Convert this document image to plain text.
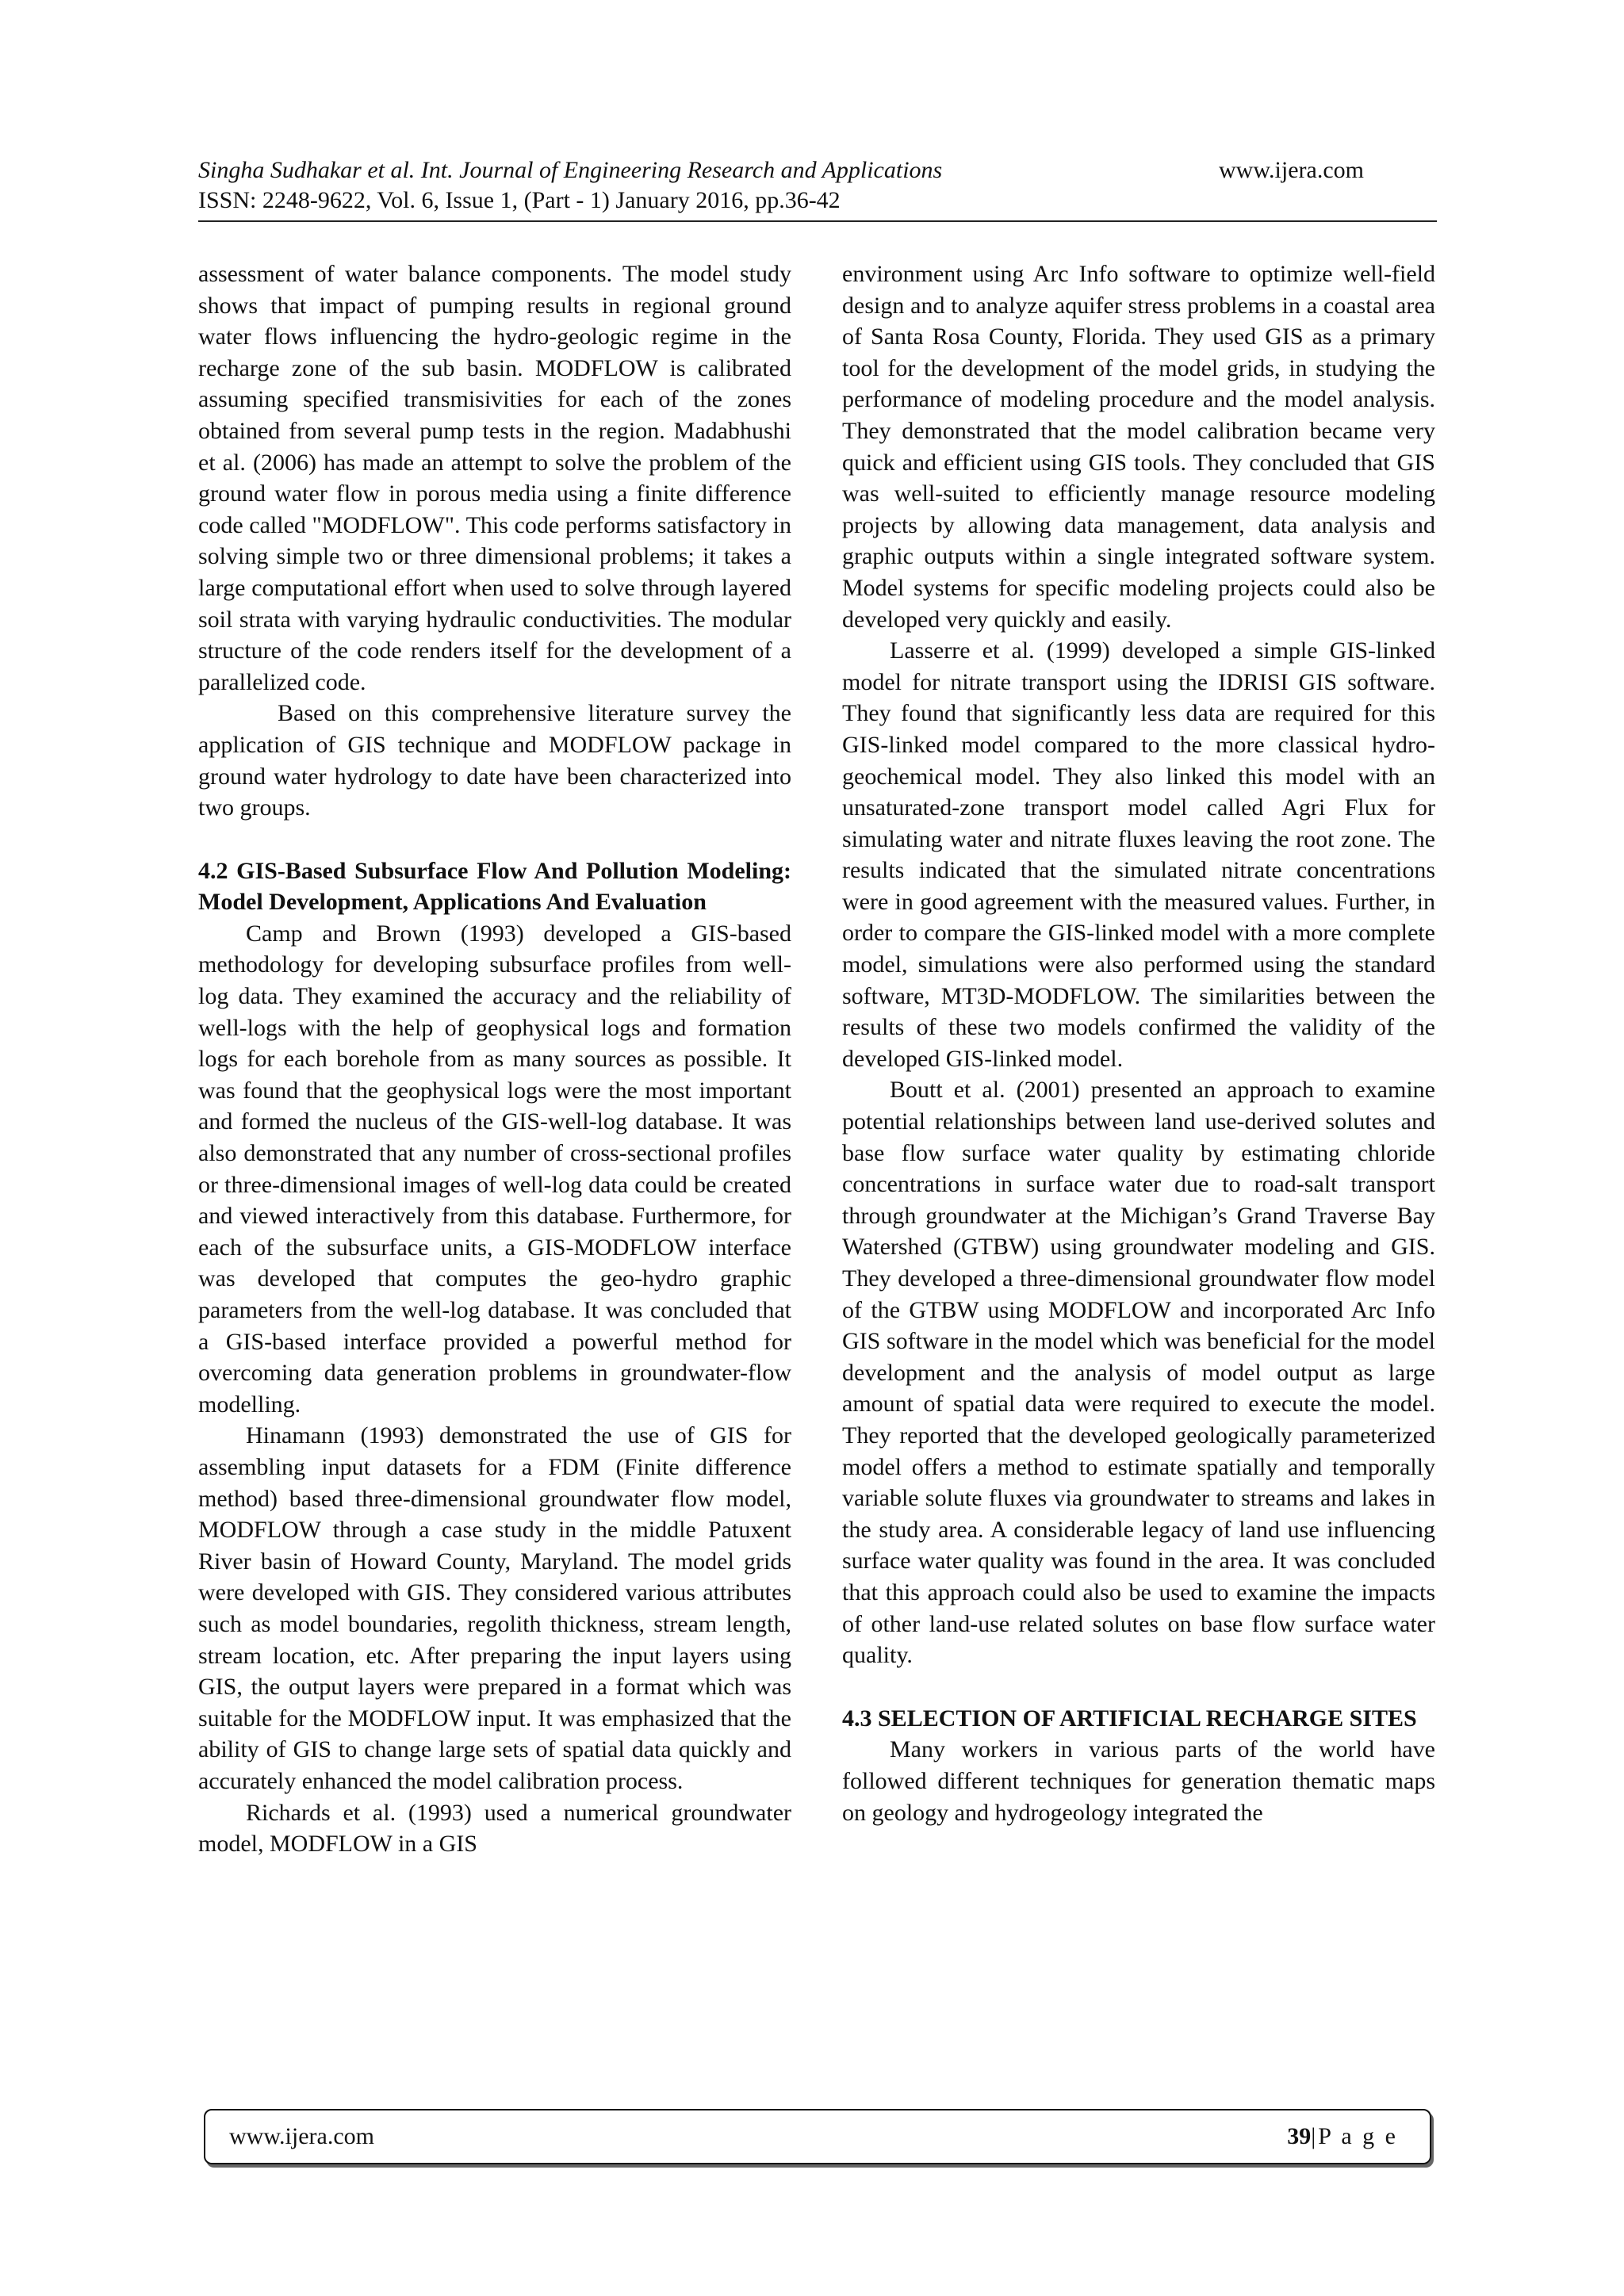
Singha Sudhakar et al. Int. Journal of Engineering Research and Applications	www.ijera.com
ISSN: 2248-9622, Vol. 6, Issue 1, (Part - 1) January 2016, pp.36-42

assessment of water balance components. The model study shows that impact of pumping results in regional ground water flows influencing the hydro-geologic regime in the recharge zone of the sub basin. MODFLOW is calibrated assuming specified transmisivities for each of the zones obtained from several pump tests in the region. Madabhushi et al. (2006) has made an attempt to solve the problem of the ground water flow in porous media using a finite difference code called "MODFLOW". This code performs satisfactory in solving simple two or three dimensional problems; it takes a large computational effort when used to solve through layered soil strata with varying hydraulic conductivities. The modular structure of the code renders itself for the development of a parallelized code.

Based on this comprehensive literature survey the application of GIS technique and MODFLOW package in ground water hydrology to date have been characterized into two groups.

4.2 GIS-Based Subsurface Flow And Pollution Modeling: Model Development, Applications And Evaluation

Camp and Brown (1993) developed a GIS-based methodology for developing subsurface profiles from well-log data. They examined the accuracy and the reliability of well-logs with the help of geophysical logs and formation logs for each borehole from as many sources as possible. It was found that the geophysical logs were the most important and formed the nucleus of the GIS-well-log database. It was also demonstrated that any number of cross-sectional profiles or three-dimensional images of well-log data could be created and viewed interactively from this database. Furthermore, for each of the subsurface units, a GIS-MODFLOW interface was developed that computes the geo-hydro graphic parameters from the well-log database. It was concluded that a GIS-based interface provided a powerful method for overcoming data generation problems in groundwater-flow modelling.

Hinamann (1993) demonstrated the use of GIS for assembling input datasets for a FDM (Finite difference method) based three-dimensional groundwater flow model, MODFLOW through a case study in the middle Patuxent River basin of Howard County, Maryland. The model grids were developed with GIS. They considered various attributes such as model boundaries, regolith thickness, stream length, stream location, etc. After preparing the input layers using GIS, the output layers were prepared in a format which was suitable for the MODFLOW input. It was emphasized that the ability of GIS to change large sets of spatial data quickly and accurately enhanced the model calibration process.

Richards et al. (1993) used a numerical groundwater model, MODFLOW in a GIS

environment using Arc Info software to optimize well-field design and to analyze aquifer stress problems in a coastal area of Santa Rosa County, Florida. They used GIS as a primary tool for the development of the model grids, in studying the performance of modeling procedure and the model analysis. They demonstrated that the model calibration became very quick and efficient using GIS tools. They concluded that GIS was well-suited to efficiently manage resource modeling projects by allowing data management, data analysis and graphic outputs within a single integrated software system. Model systems for specific modeling projects could also be developed very quickly and easily.

Lasserre et al. (1999) developed a simple GIS-linked model for nitrate transport using the IDRISI GIS software. They found that significantly less data are required for this GIS-linked model compared to the more classical hydro-geochemical model. They also linked this model with an unsaturated-zone transport model called Agri Flux for simulating water and nitrate fluxes leaving the root zone. The results indicated that the simulated nitrate concentrations were in good agreement with the measured values. Further, in order to compare the GIS-linked model with a more complete model, simulations were also performed using the standard software, MT3D-MODFLOW. The similarities between the results of these two models confirmed the validity of the developed GIS-linked model.

Boutt et al. (2001) presented an approach to examine potential relationships between land use-derived solutes and base flow surface water quality by estimating chloride concentrations in surface water due to road-salt transport through groundwater at the Michigan’s Grand Traverse Bay Watershed (GTBW) using groundwater modeling and GIS. They developed a three-dimensional groundwater flow model of the GTBW using MODFLOW and incorporated Arc Info GIS software in the model which was beneficial for the model development and the analysis of model output as large amount of spatial data were required to execute the model. They reported that the developed geologically parameterized model offers a method to estimate spatially and temporally variable solute fluxes via groundwater to streams and lakes in the study area. A considerable legacy of land use influencing surface water quality was found in the area. It was concluded that this approach could also be used to examine the impacts of other land-use related solutes on base flow surface water quality.

4.3 SELECTION OF ARTIFICIAL RECHARGE SITES

Many workers in various parts of the world have followed different techniques for generation thematic maps on geology and hydrogeology integrated the

www.ijera.com	39|P a g e
